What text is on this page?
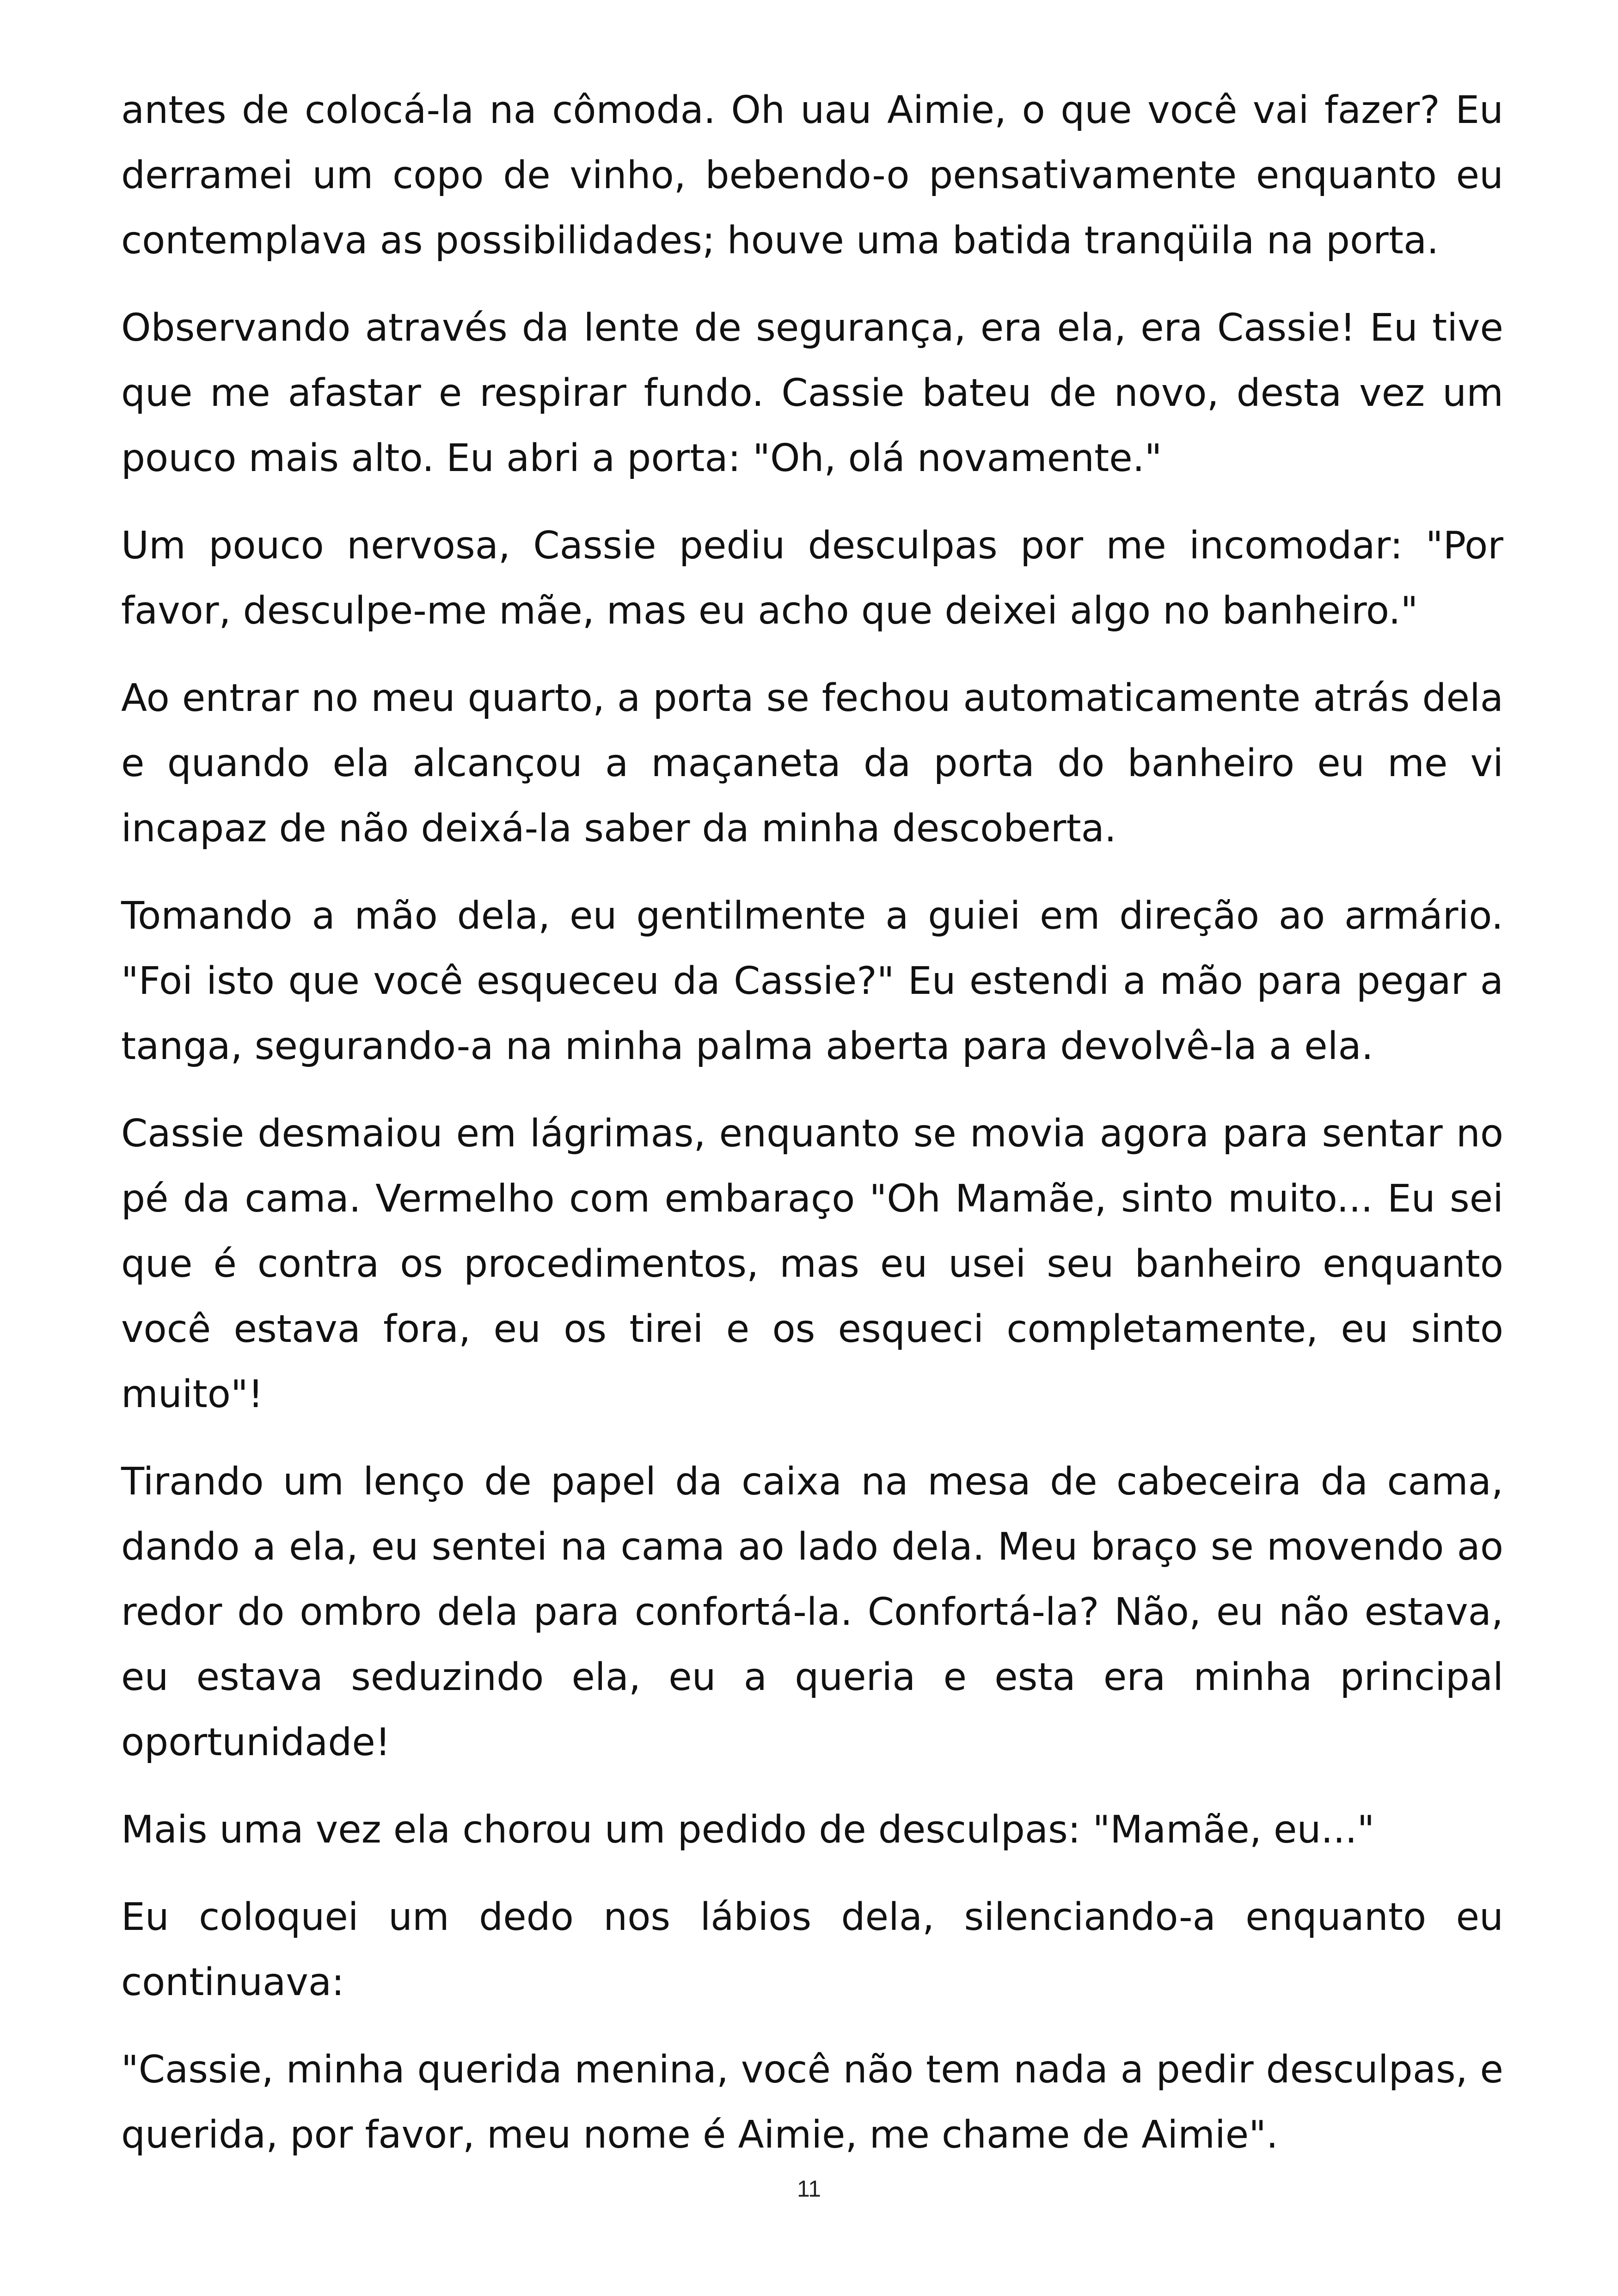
antes de colocá-la na cômoda. Oh uau Aimie, o que você vai fazer? Eu derramei um copo de vinho, bebendo-o pensativamente enquanto eu contemplava as possibilidades; houve uma batida tranqüila na porta.

Observando através da lente de segurança, era ela, era Cassie! Eu tive que me afastar e respirar fundo. Cassie bateu de novo, desta vez um pouco mais alto. Eu abri a porta: "Oh, olá novamente."

Um pouco nervosa, Cassie pediu desculpas por me incomodar: "Por favor, desculpe-me mãe, mas eu acho que deixei algo no banheiro."

Ao entrar no meu quarto, a porta se fechou automaticamente atrás dela e quando ela alcançou a maçaneta da porta do banheiro eu me vi incapaz de não deixá-la saber da minha descoberta.

Tomando a mão dela, eu gentilmente a guiei em direção ao armário. "Foi isto que você esqueceu da Cassie?" Eu estendi a mão para pegar a tanga, segurando-a na minha palma aberta para devolvê-la a ela.

Cassie desmaiou em lágrimas, enquanto se movia agora para sentar no pé da cama. Vermelho com embaraço "Oh Mamãe, sinto muito... Eu sei que é contra os procedimentos, mas eu usei seu banheiro enquanto você estava fora, eu os tirei e os esqueci completamente, eu sinto muito"!

Tirando um lenço de papel da caixa na mesa de cabeceira da cama, dando a ela, eu sentei na cama ao lado dela. Meu braço se movendo ao redor do ombro dela para confortá-la. Confortá-la? Não, eu não estava, eu estava seduzindo ela, eu a queria e esta era minha principal oportunidade!

Mais uma vez ela chorou um pedido de desculpas: "Mamãe, eu..."

Eu coloquei um dedo nos lábios dela, silenciando-a enquanto eu continuava:

"Cassie, minha querida menina, você não tem nada a pedir desculpas, e querida, por favor, meu nome é Aimie, me chame de Aimie".

11
